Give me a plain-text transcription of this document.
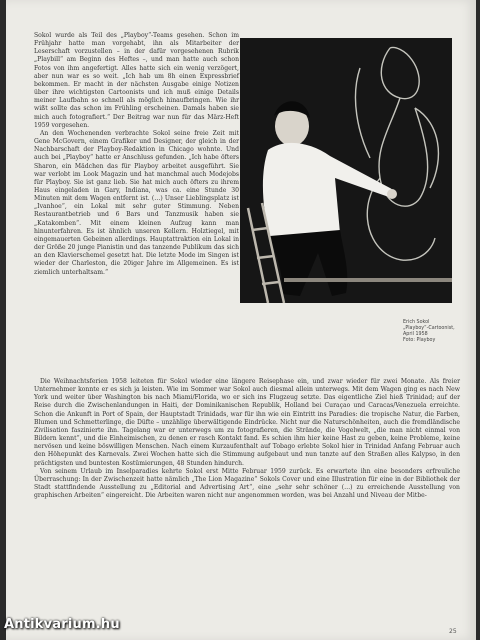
Sokol wurde als Teil des „Playboy“-Teams gesehen. Schon im Frühjahr hatte man vorgehabt, ihn als Mitarbeiter der Leserschaft vorzustellen – in der dafür vorgesehenen Rubrik „Playbill“ am Beginn des Heftes –, und man hatte auch schon Fotos von ihm angefertigt. Alles hatte sich ein wenig verzögert, aber nun war es so weit. „Ich hab um 8h einen Expressbrief bekommen. Er macht in der nächsten Ausgabe einige Notizen über ihre wichtigsten Cartoonists und ich muß einige Details meiner Laufbahn so schnell als möglich hinaufbringen. Wie ihr wißt sollte das schon im Frühling erscheinen. Damals haben sie mich auch fotografiert.“ Der Beitrag war nun für das März-Heft 1959 vorgesehen.

An den Wochenenden verbrachte Sokol seine freie Zeit mit Gene McGovern, einem Grafiker und Designer, der gleich in der Nachbarschaft der Playboy-Redaktion in Chicago wohnte. Und auch bei „Playboy“ hatte er Anschluss gefunden. „Ich habe öfters Sharon, ein Mädchen das für Playboy arbeitet ausgeführt. Sie war verlobt im Look Magazin und hat manchmal auch Modejobs für Playboy. Sie ist ganz lieb. Sie hat mich auch öfters zu ihrem Haus eingeladen in Gary, Indiana, was ca. eine Stunde 30 Minuten mit dem Wagen entfernt ist. (…) Unser Lieblingsplatz ist „Ivanhoe“, ein Lokal mit sehr guter Stimmung. Neben Restaurantbetrieb und 6 Bars und Tanzmusik haben sie „Katakomben“. Mit einem kleinen Aufzug kann man hinunterfahren. Es ist ähnlich unseren Kellern. Holztiegel, mit eingemauerten Gebeinen allerdings. Hauptattraktion ein Lokal in der Größe 20 junge Pianistin und das tanzende Publikum das sich an den Klavierschemel gesetzt hat. Die letzte Mode im Singen ist wieder der Charleston, die 20iger Jahre im Allgemeinen. Es ist ziemlich unterhaltsam.“

Erich Sokol
„Playboy“-Cartoonist,
April 1958
Foto: Playboy

Die Weihnachtsferien 1958 leiteten für Sokol wieder eine längere Reisephase ein, und zwar wieder für zwei Monate. Als freier Unternehmer konnte er es sich ja leisten. Wie im Sommer war Sokol auch diesmal allein unterwegs. Mit dem Wagen ging es nach New York und weiter über Washington bis nach Miami/Florida, wo er sich ins Flugzeug setzte. Das eigentliche Ziel hieß Trinidad; auf der Reise durch die Zwischenlandungen in Haiti, der Dominikanischen Republik, Holland bei Curaçao und Caracas/Venezuela erreichte. Schon die Ankunft in Port of Spain, der Hauptstadt Trinidads, war für ihn wie ein Eintritt ins Paradies: die tropische Natur, die Farben, Blumen und Schmetterlinge, die Düfte – unzählige überwältigende Eindrücke. Nicht nur die Naturschönheiten, auch die fremdländische Zivilisation faszinierte ihn. Tagelang war er unterwegs um zu fotografieren, die Strände, die Vogelwelt, „die man nicht einmal von Bildern kennt“, und die Einheimischen, zu denen er rasch Kontakt fand. Es schien ihm hier keine Hast zu geben, keine Probleme, keine nervösen und keine böswilligen Menschen. Nach einem Kurzaufenthalt auf Tobago erlebte Sokol hier in Trinidad Anfang Februar auch den Höhepunkt des Karnevals. Zwei Wochen hatte sich die Stimmung aufgebaut und nun tanzte auf den Straßen alles Kalypso, in den prächtigsten und buntesten Kostümierungen, 48 Stunden hindurch.

Von seinem Urlaub im Inselparadies kehrte Sokol erst Mitte Februar 1959 zurück. Es erwartete ihn eine besonders erfreuliche Überraschung: In der Zwischenzeit hatte nämlich „The Lion Magazine“ Sokols Cover und eine Illustration für eine in der Bibliothek der Stadt stattfindende Ausstellung zu „Editorial and Advertising Art“, eine „sehr sehr schöner (…) zu erreichende Ausstellung von graphischen Arbeiten“ eingereicht. Die Arbeiten waren nicht nur angenommen worden, was bei Anzahl und Niveau der Mitbe-

25
Antikvarium.hu
